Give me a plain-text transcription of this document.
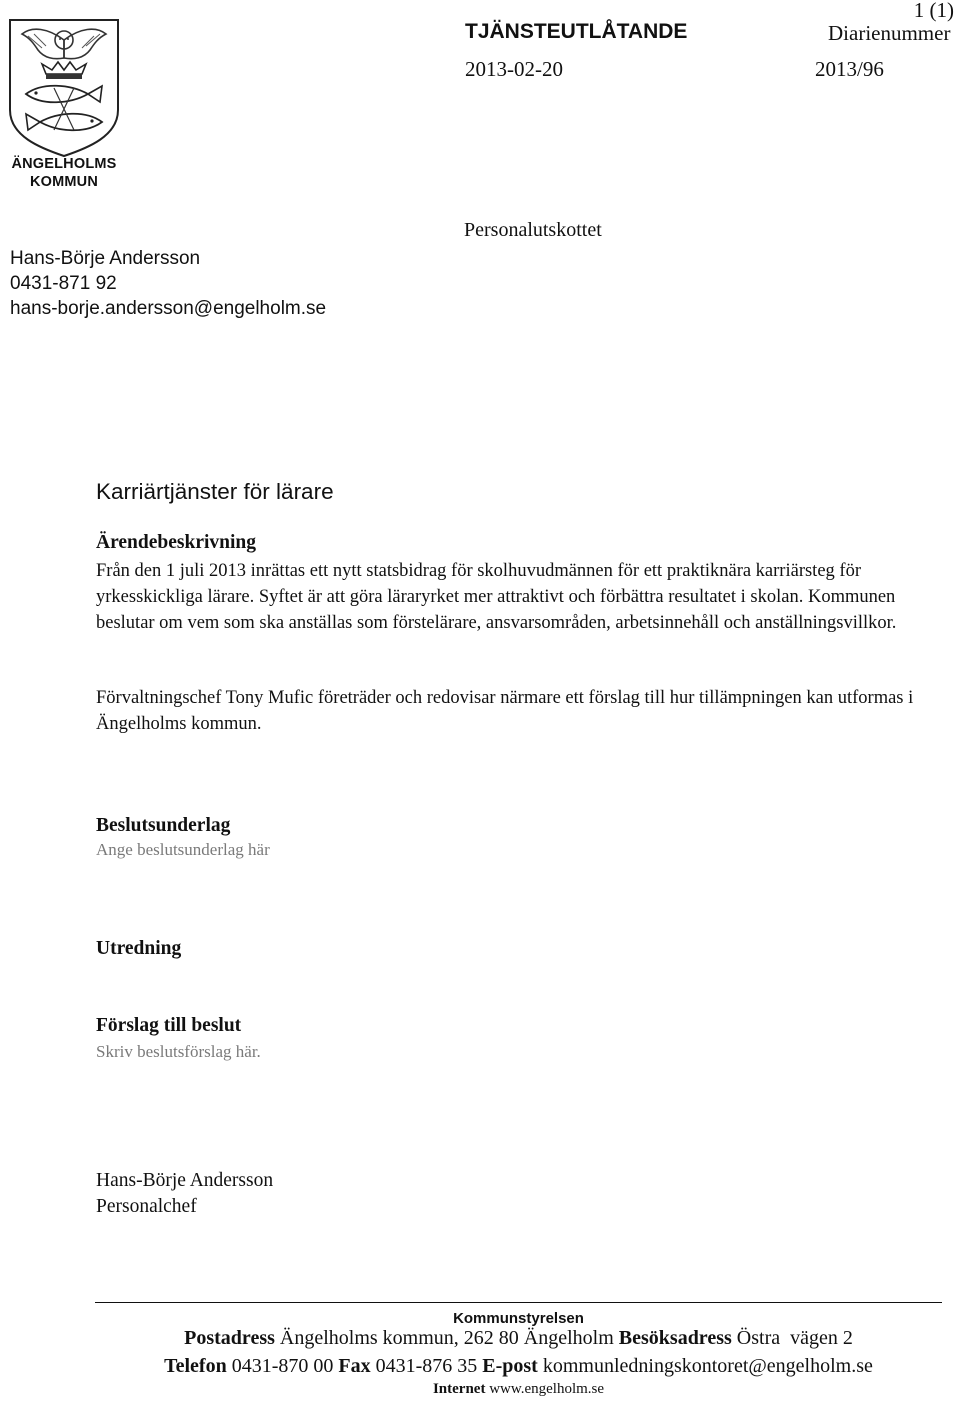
ÄNGELHOLMS
KOMMUN
1 (1)
TJÄNSTEUTLÅTANDE	Diarienummer
2013-02-20	2013/96
Personalutskottet
Hans-Börje Andersson
0431-871 92
hans-borje.andersson@engelholm.se
Karriärtjänster för lärare
Ärendebeskrivning
Från den 1 juli 2013 inrättas ett nytt statsbidrag för skolhuvudmännen för ett praktiknära karriärsteg för yrkesskickliga lärare. Syftet är att göra läraryrket mer attraktivt och förbättra resultatet i skolan. Kommunen beslutar om vem som ska anställas som förstelärare, ansvarsområden, arbetsinnehåll och anställningsvillkor.
Förvaltningschef Tony Mufic företräder och redovisar närmare ett förslag till hur tillämpningen kan utformas i Ängelholms kommun.
Beslutsunderlag
Ange beslutsunderlag här
Utredning
Förslag till beslut
Skriv beslutsförslag här.
Hans-Börje Andersson
Personalchef
Kommunstyrelsen
Postadress Ängelholms kommun, 262 80 Ängelholm Besöksadress Östra  vägen 2
Telefon 0431-870 00 Fax 0431-876 35 E-post kommunledningskontoret@engelholm.se
Internet www.engelholm.se
